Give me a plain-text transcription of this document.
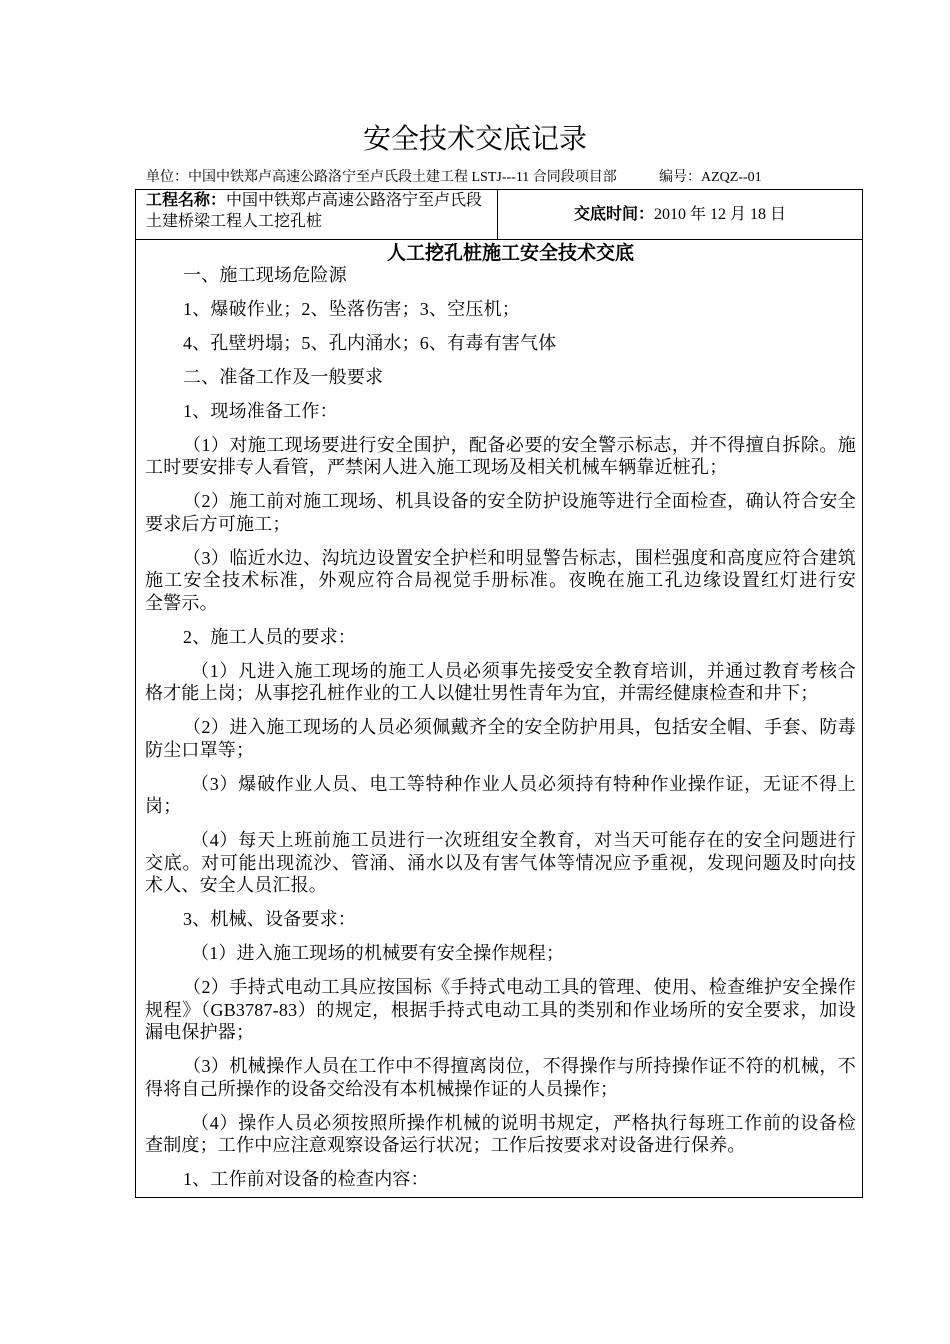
安全技术交底记录
单位：中国中铁郑卢高速公路洛宁至卢氏段土建工程 LSTJ---11 合同段项目部	编号：AZQZ--01
工程名称：中国中铁郑卢高速公路洛宁至卢氏段土建桥梁工程人工挖孔桩	交底时间： 2010 年 12 月 18 日
人工挖孔桩施工安全技术交底
一、施工现场危险源
1、爆破作业；2、坠落伤害；3、空压机；
4、孔壁坍塌；5、孔内涌水；6、有毒有害气体
二、准备工作及一般要求
1、现场准备工作：
（1）对施工现场要进行安全围护，配备必要的安全警示标志，并不得擅自拆除。施
工时要安排专人看管，严禁闲人进入施工现场及相关机械车辆靠近桩孔；
（2）施工前对施工现场、机具设备的安全防护设施等进行全面检查，确认符合安全
要求后方可施工；
（3）临近水边、沟坑边设置安全护栏和明显警告标志，围栏强度和高度应符合建筑
施工安全技术标准，外观应符合局视觉手册标准。夜晚在施工孔边缘设置红灯进行安
全警示。
2、施工人员的要求：
（1）凡进入施工现场的施工人员必须事先接受安全教育培训，并通过教育考核合
格才能上岗；从事挖孔桩作业的工人以健壮男性青年为宜，并需经健康检查和井下；
（2）进入施工现场的人员必须佩戴齐全的安全防护用具，包括安全帽、手套、防毒
防尘口罩等；
（3）爆破作业人员、电工等特种作业人员必须持有特种作业操作证，无证不得上
岗；
（4）每天上班前施工员进行一次班组安全教育，对当天可能存在的安全问题进行
交底。对可能出现流沙、管涌、涌水以及有害气体等情况应予重视，发现问题及时向技
术人、安全人员汇报。
3、机械、设备要求：
（1）进入施工现场的机械要有安全操作规程；
（2）手持式电动工具应按国标《手持式电动工具的管理、使用、检查维护安全操作
规程》（GB3787-83）的规定，根据手持式电动工具的类别和作业场所的安全要求，加设
漏电保护器；
（3）机械操作人员在工作中不得擅离岗位，不得操作与所持操作证不符的机械，不
得将自己所操作的设备交给没有本机械操作证的人员操作；
（4）操作人员必须按照所操作机械的说明书规定，严格执行每班工作前的设备检
查制度；工作中应注意观察设备运行状况；工作后按要求对设备进行保养。
1、工作前对设备的检查内容：
